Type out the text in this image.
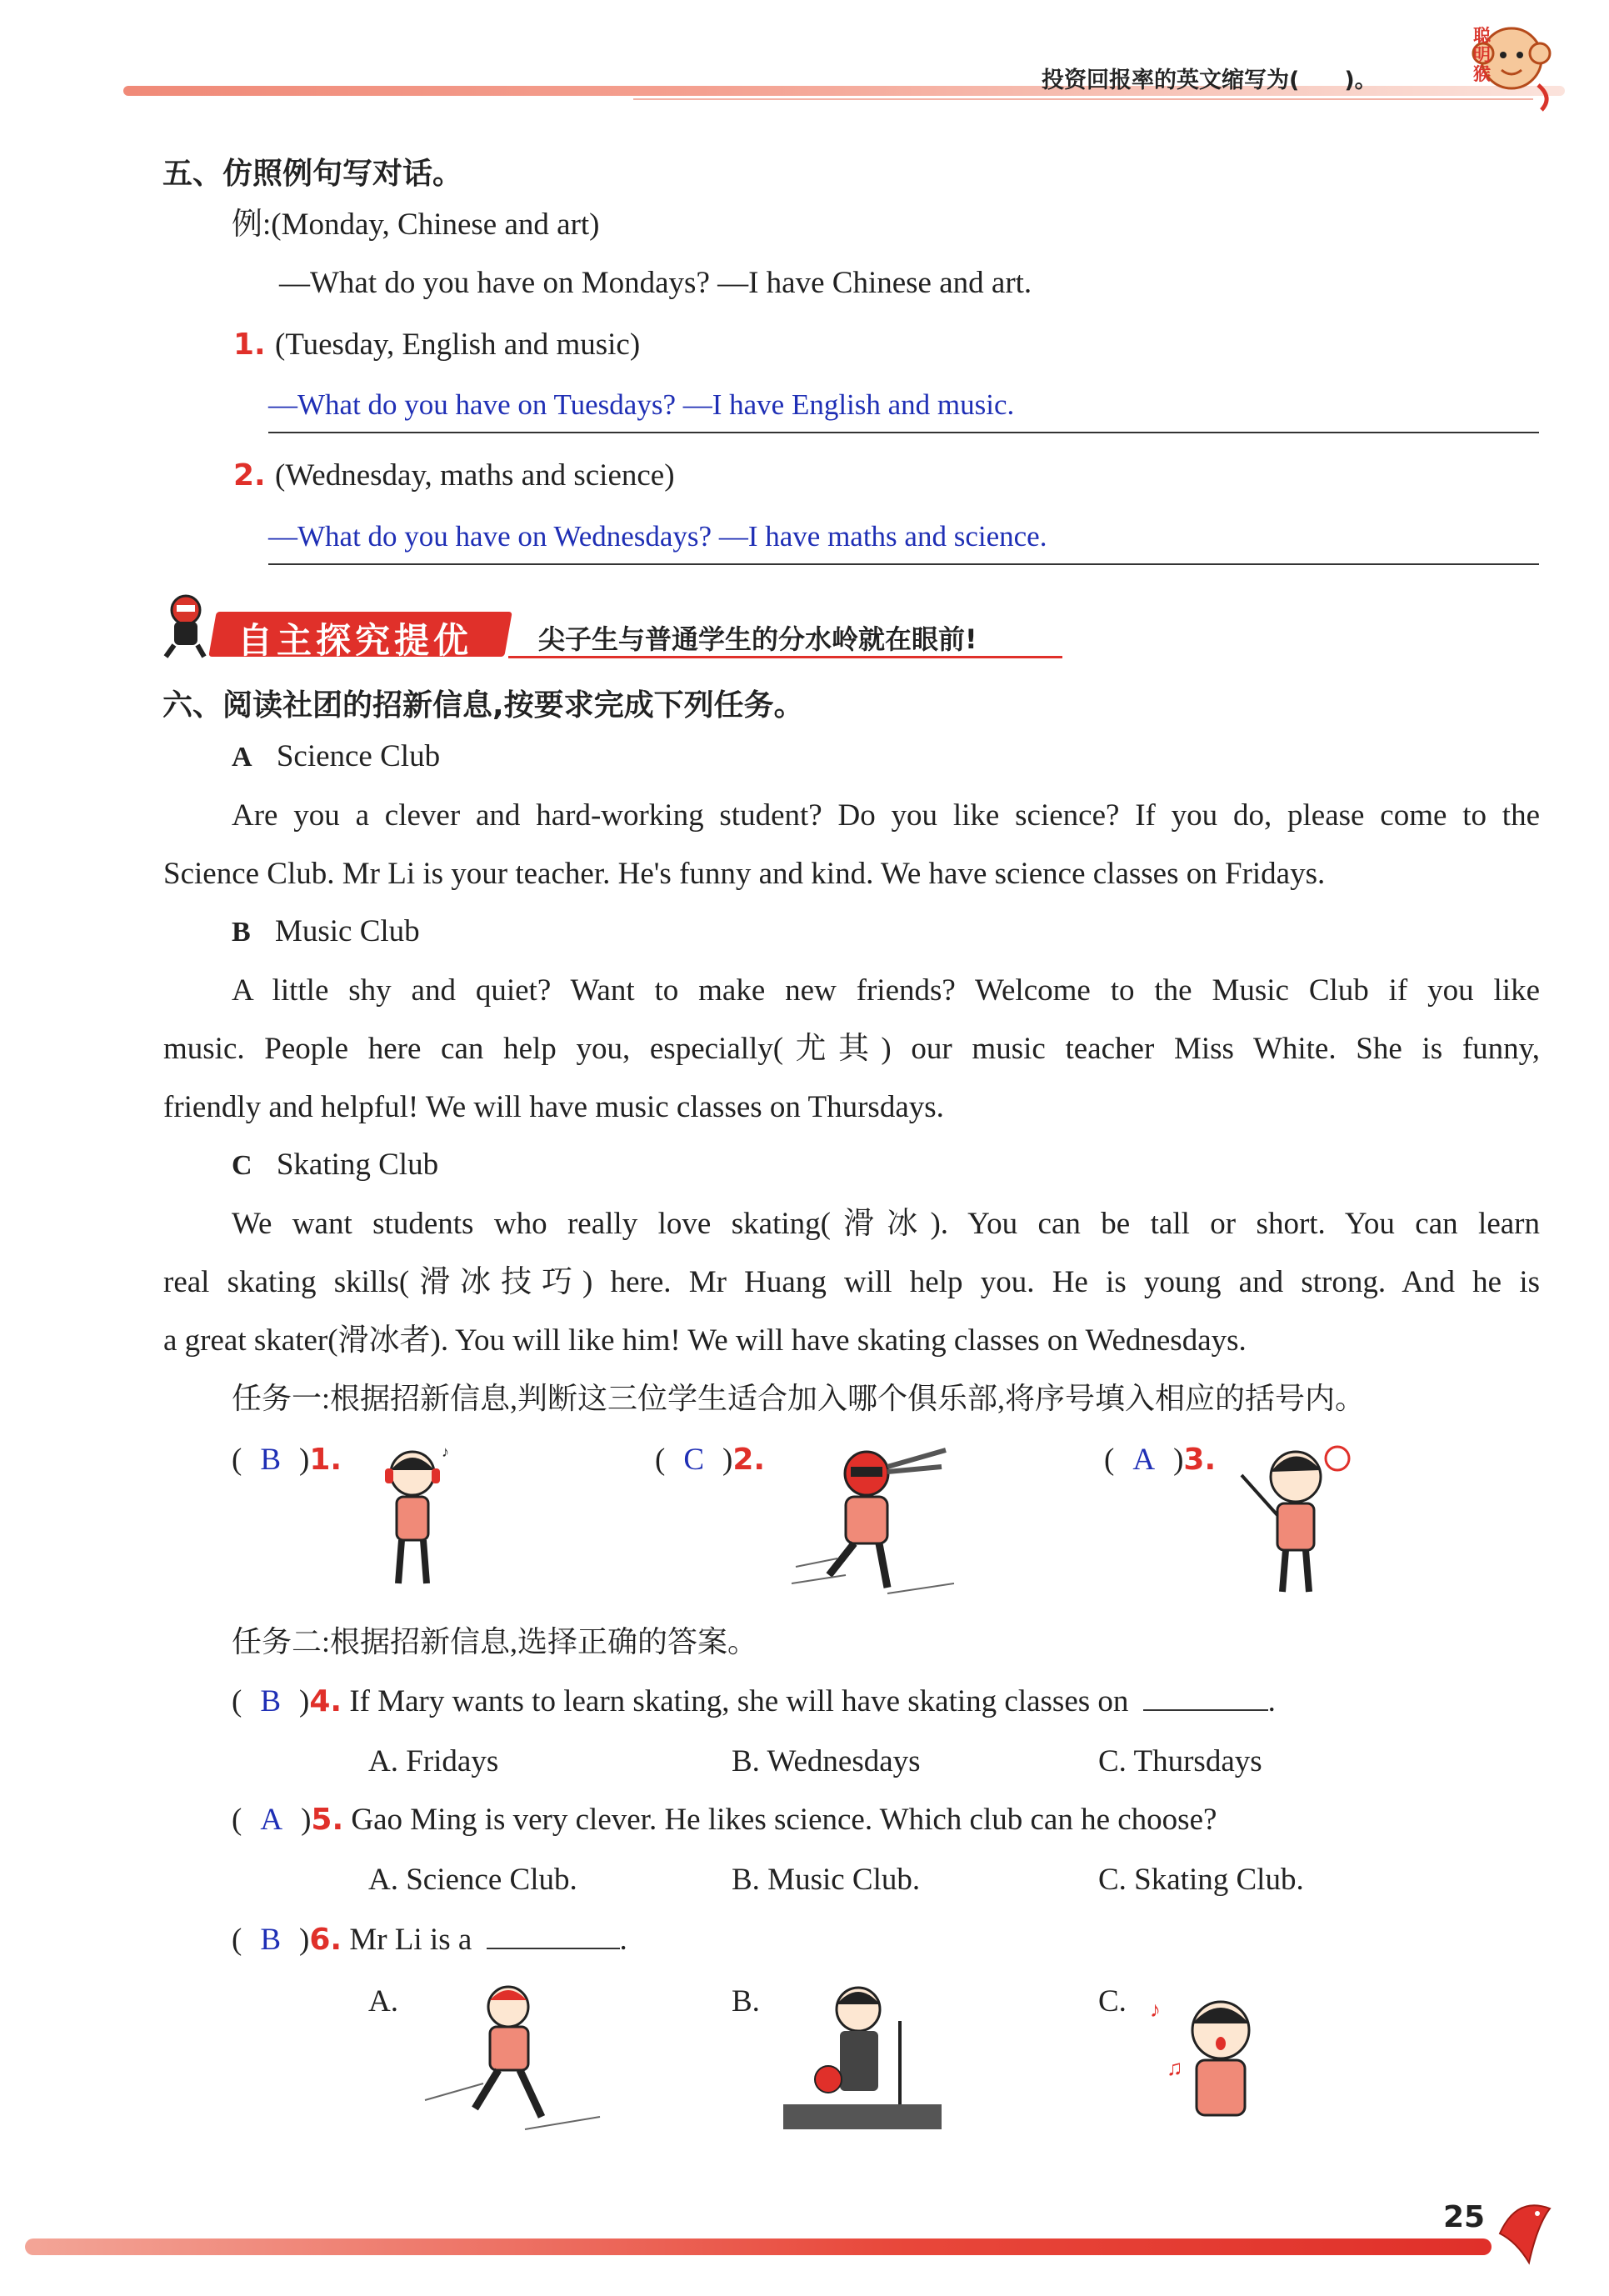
投资回报率的英文缩写为(　　)。
聪明猴
五、仿照例句写对话。
例:(Monday, Chinese and art)
—What do you have on Mondays? —I have Chinese and art.
1. (Tuesday, English and music)
—What do you have on Tuesdays? —I have English and music.
2. (Wednesday, maths and science)
—What do you have on Wednesdays? —I have maths and science.
自主探究提优 尖子生与普通学生的分水岭就在眼前!
六、阅读社团的招新信息,按要求完成下列任务。
A Science Club
Are you a clever and hard-working student? Do you like science? If you do, please come to the
Science Club. Mr Li is your teacher. He's funny and kind. We have science classes on Fridays.
B Music Club
A little shy and quiet? Want to make new friends? Welcome to the Music Club if you like
music. People here can help you, especially(尤其) our music teacher Miss White. She is funny,
friendly and helpful! We will have music classes on Thursdays.
C Skating Club
We want students who really love skating(滑冰). You can be tall or short. You can learn
real skating skills(滑冰技巧) here. Mr Huang will help you. He is young and strong. And he is
a great skater(滑冰者). You will like him! We will have skating classes on Wednesdays.
任务一:根据招新信息,判断这三位学生适合加入哪个俱乐部,将序号填入相应的括号内。
( B )1.	( C )2.	( A )3.
♪
任务二:根据招新信息,选择正确的答案。
( B )4. If Mary wants to learn skating, she will have skating classes on	.
A. Fridays	B. Wednesdays	C. Thursdays
( A )5. Gao Ming is very clever. He likes science. Which club can he choose?
A. Science Club.	B. Music Club.	C. Skating Club.
( B )6. Mr Li is a	.
A.	B.	C. ♪
♫
25
